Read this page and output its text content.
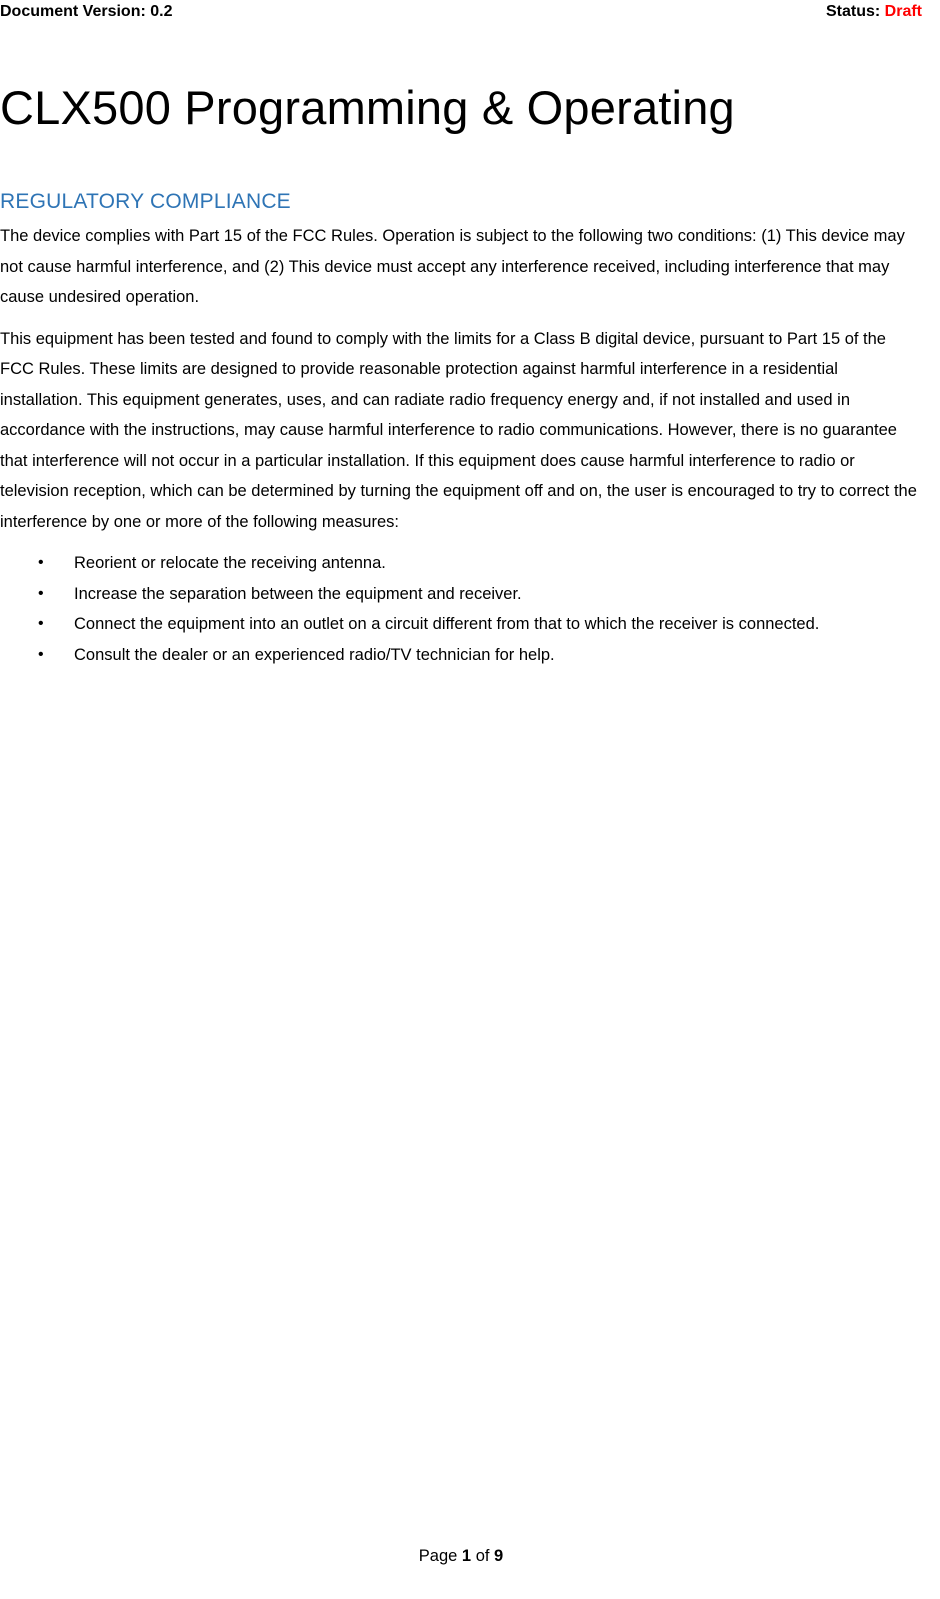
Document Version: 0.2	Status: Draft
CLX500 Programming & Operating
REGULATORY COMPLIANCE

The device complies with Part 15 of the FCC Rules. Operation is subject to the following two conditions: (1) This device may not cause harmful interference, and (2) This device must accept any interference received, including interference that may cause undesired operation.

This equipment has been tested and found to comply with the limits for a Class B digital device, pursuant to Part 15 of the FCC Rules. These limits are designed to provide reasonable protection against harmful interference in a residential installation. This equipment generates, uses, and can radiate radio frequency energy and, if not installed and used in accordance with the instructions, may cause harmful interference to radio communications. However, there is no guarantee that interference will not occur in a particular installation. If this equipment does cause harmful interference to radio or television reception, which can be determined by turning the equipment off and on, the user is encouraged to try to correct the interference by one or more of the following measures:

•	Reorient or relocate the receiving antenna.
•	Increase the separation between the equipment and receiver.
•	Connect the equipment into an outlet on a circuit different from that to which the receiver is connected.
•	Consult the dealer or an experienced radio/TV technician for help.
Page 1 of 9
